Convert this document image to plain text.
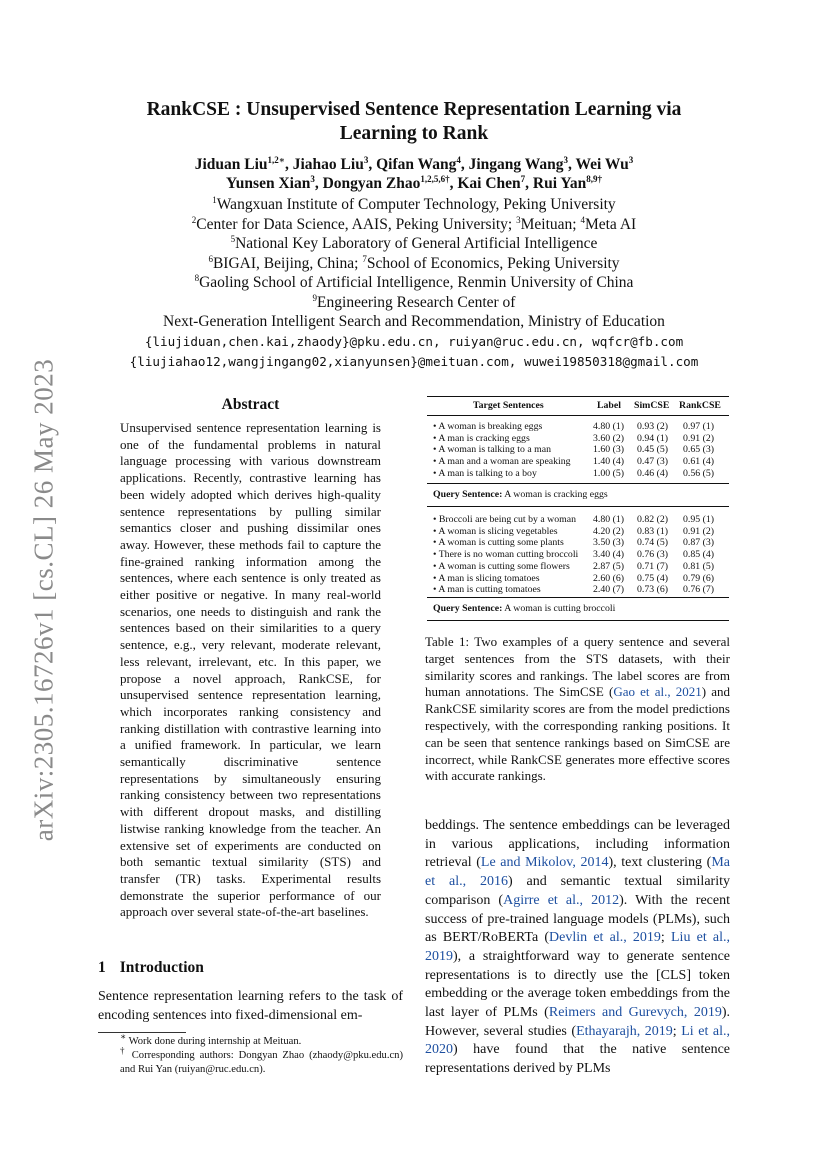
arXiv:2305.16726v1 [cs.CL] 26 May 2023
RankCSE : Unsupervised Sentence Representation Learning via
Learning to Rank
Jiduan Liu$^{1,2∗}$, Jiahao Liu$^3$, Qifan Wang$^4$, Jingang Wang$^3$, Wei Wu$^3$
Yunsen Xian$^3$, Dongyan Zhao$^{1,2,5,6\dagger}$, Kai Chen$^7$, Rui Yan$^{8,9\dagger}$
$^1$Wangxuan Institute of Computer Technology, Peking University
$^2$Center for Data Science, AAIS, Peking University; $^3$Meituan; $^4$Meta AI
$^5$National Key Laboratory of General Artificial Intelligence
$^6$BIGAI, Beijing, China; $^7$School of Economics, Peking University
$^8$Gaoling School of Artificial Intelligence, Renmin University of China
$^9$Engineering Research Center of
Next-Generation Intelligent Search and Recommendation, Ministry of Education
{liujiduan,chen.kai,zhaody}@pku.edu.cn, ruiyan@ruc.edu.cn, wqfcr@fb.com
{liujiahao12,wangjingang02,xianyunsen}@meituan.com, wuwei19850318@gmail.com
Abstract
Unsupervised sentence representation learning is one of the fundamental problems in natural language processing with various downstream applications. Recently, contrastive learning has been widely adopted which derives high-quality sentence representations by pulling similar semantics closer and pushing dissimilar ones away. However, these methods fail to capture the fine-grained ranking information among the sentences, where each sentence is only treated as either positive or negative. In many real-world scenarios, one needs to distinguish and rank the sentences based on their similarities to a query sentence, e.g., very relevant, moderate relevant, less relevant, irrelevant, etc. In this paper, we propose a novel approach, RankCSE, for unsupervised sentence representation learning, which incorporates ranking consistency and ranking distillation with contrastive learning into a unified framework. In particular, we learn semantically discriminative sentence representations by simultaneously ensuring ranking consistency between two representations with different dropout masks, and distilling listwise ranking knowledge from the teacher. An extensive set of experiments are conducted on both semantic textual similarity (STS) and transfer (TR) tasks. Experimental results demonstrate the superior performance of our approach over several state-of-the-art baselines.
1 Introduction
Sentence representation learning refers to the task of encoding sentences into fixed-dimensional em-

∗ Work done during internship at Meituan.

† Corresponding authors: Dongyan Zhao (zhaody@pku.edu.cn) and Rui Yan (ruiyan@ruc.edu.cn).

Target Sentences	Label SimCSE RankCSE
• A woman is breaking eggs	4.80 (1) 0.93 (2) 0.97 (1)
• A man is cracking eggs	3.60 (2) 0.94 (1) 0.91 (2)
• A woman is talking to a man	1.60 (3) 0.45 (5) 0.65 (3)
• A man and a woman are speaking 1.40 (4) 0.47 (3) 0.61 (4)
• A man is talking to a boy	1.00 (5) 0.46 (4) 0.56 (5)
Query Sentence: A woman is cracking eggs
• Broccoli are being cut by a woman 4.80 (1) 0.82 (2) 0.95 (1)
• A woman is slicing vegetables	4.20 (2) 0.83 (1) 0.91 (2)
• A woman is cutting some plants	3.50 (3) 0.74 (5) 0.87 (3)
• There is no woman cutting broccoli 3.40 (4) 0.76 (3) 0.85 (4)
• A woman is cutting some flowers 2.87 (5) 0.71 (7) 0.81 (5)
• A man is slicing tomatoes	2.60 (6) 0.75 (4) 0.79 (6)
• A man is cutting tomatoes	2.40 (7) 0.73 (6) 0.76 (7)
Query Sentence: A woman is cutting broccoli
Table 1: Two examples of a query sentence and several target sentences from the STS datasets, with their similarity scores and rankings. The label scores are from human annotations. The SimCSE (Gao et al., 2021) and RankCSE similarity scores are from the model predictions respectively, with the corresponding ranking positions. It can be seen that sentence rankings based on SimCSE are incorrect, while RankCSE generates more effective scores with accurate rankings.
beddings. The sentence embeddings can be leveraged in various applications, including information retrieval (Le and Mikolov, 2014), text clustering (Ma et al., 2016) and semantic textual similarity comparison (Agirre et al., 2012). With the recent success of pre-trained language models (PLMs), such as BERT/RoBERTa (Devlin et al., 2019; Liu et al., 2019), a straightforward way to generate sentence representations is to directly use the [CLS] token embedding or the average token embeddings from the last layer of PLMs (Reimers and Gurevych, 2019). However, several studies (Ethayarajh, 2019; Li et al., 2020) have found that the native sentence representations derived by PLMs
